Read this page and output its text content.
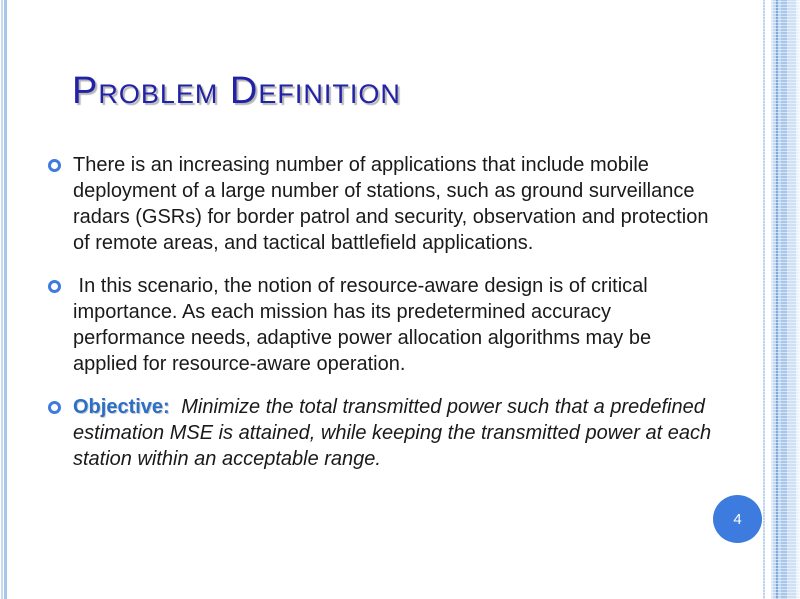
Problem Definition
There is an increasing number of applications that include mobile deployment of a large number of stations, such as ground surveillance radars (GSRs) for border patrol and security, observation and protection of remote areas, and tactical battlefield applications.
In this scenario, the notion of resource-aware design is of critical importance. As each mission has its predetermined accuracy performance needs, adaptive power allocation algorithms may be applied for resource-aware operation.
Objective: Minimize the total transmitted power such that a predefined estimation MSE is attained, while keeping the transmitted power at each station within an acceptable range.
4
